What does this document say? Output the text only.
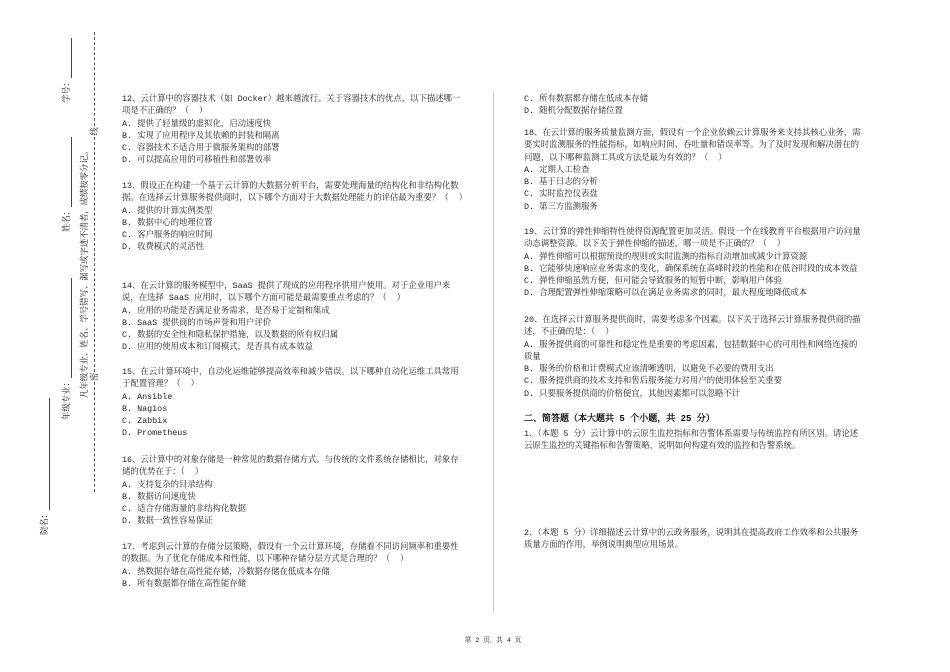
院名：
年级专业：
姓名：
学号：
凡年级专业、姓名、学号错写、漏写或字迹不清者，成绩按零分记。 密线

12、云计算中的容器技术（如 Docker）越来越流行。关于容器技术的优点，以下描述哪一项是不正确的？（  ）

A. 提供了轻量级的虚拟化，启动速度快

B. 实现了应用程序及其依赖的封装和隔离

C. 容器技术不适合用于微服务架构的部署

D. 可以提高应用的可移植性和部署效率

13、假设正在构建一个基于云计算的大数据分析平台，需要处理海量的结构化和非结构化数据。在选择云计算服务提供商时，以下哪个方面对于大数据处理能力的评估最为重要？（  ）

A. 提供的计算实例类型

B. 数据中心的地理位置

C. 客户服务的响应时间

D. 收费模式的灵活性

14、在云计算的服务模型中，SaaS 提供了现成的应用程序供用户使用。对于企业用户来说，在选择 SaaS 应用时，以下哪个方面可能是最需要重点考虑的？（  ）

A. 应用的功能是否满足业务需求，是否易于定制和集成

B. SaaS 提供商的市场声誉和用户评价

C. 数据的安全性和隐私保护措施，以及数据的所有权归属

D. 应用的使用成本和订阅模式，是否具有成本效益

15、在云计算环境中，自动化运维能够提高效率和减少错误。以下哪种自动化运维工具常用于配置管理？（  ）

A. Ansible

B. Nagios

C. Zabbix

D. Prometheus

16、云计算中的对象存储是一种常见的数据存储方式。与传统的文件系统存储相比，对象存储的优势在于：（  ）

A. 支持复杂的目录结构

B. 数据访问速度快

C. 适合存储海量的非结构化数据

D. 数据一致性容易保证

17、考虑到云计算的存储分层策略，假设有一个云计算环境，存储着不同访问频率和重要性的数据。为了优化存储成本和性能，以下哪种存储分层方式是合理的？（  ）

A. 热数据存储在高性能存储，冷数据存储在低成本存储

B. 所有数据都存储在高性能存储

C. 所有数据都存储在低成本存储

D. 随机分配数据存储位置

18、在云计算的服务质量监测方面，假设有一个企业依赖云计算服务来支持其核心业务，需要实时监测服务的性能指标，如响应时间、吞吐量和错误率等。为了及时发现和解决潜在的问题，以下哪种监测工具或方法是最为有效的？（  ）

A. 定期人工检查

B. 基于日志的分析

C. 实时监控仪表盘

D. 第三方监测服务

19、云计算的弹性伸缩特性使得资源配置更加灵活。假设一个在线教育平台根据用户访问量动态调整资源。以下关于弹性伸缩的描述，哪一项是不正确的？（  ）

A. 弹性伸缩可以根据预设的规则或实时监测的指标自动增加或减少计算资源

B. 它能够快速响应业务需求的变化，确保系统在高峰时段的性能和在低谷时段的成本效益

C. 弹性伸缩虽然方便，但可能会导致服务的短暂中断，影响用户体验

D. 合理配置弹性伸缩策略可以在满足业务需求的同时，最大程度地降低成本

20、在选择云计算服务提供商时，需要考虑多个因素。以下关于选择云计算服务提供商的描述，不正确的是：（  ）

A. 服务提供商的可靠性和稳定性是重要的考虑因素，包括数据中心的可用性和网络连接的质量

B. 服务的价格和计费模式应该清晰透明，以避免不必要的费用支出

C. 服务提供商的技术支持和售后服务能力对用户的使用体验至关重要

D. 只要服务提供商的价格便宜，其他因素都可以忽略不计

二、简答题（本大题共 5 个小题，共 25 分）

1、（本题 5 分）云计算中的云原生监控指标和告警体系需要与传统监控有所区别。请论述云原生监控的关键指标和告警策略，说明如何构建有效的监控和告警系统。

2、（本题 5 分）详细描述云计算中的云政务服务，说明其在提高政府工作效率和公共服务质量方面的作用，举例说明典型应用场景。

第 2 页，共 4 页
